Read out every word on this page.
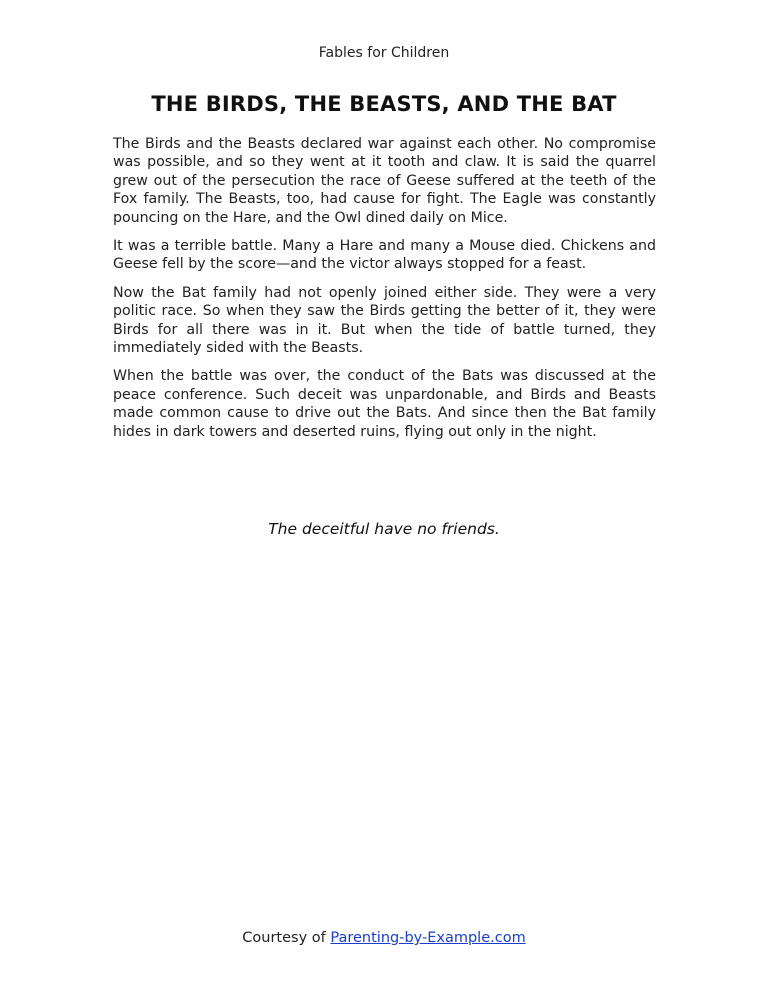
Fables for Children
THE BIRDS, THE BEASTS, AND THE BAT

The Birds and the Beasts declared war against each other. No compromise was possible, and so they went at it tooth and claw. It is said the quarrel grew out of the persecution the race of Geese suffered at the teeth of the Fox family. The Beasts, too, had cause for fight. The Eagle was constantly pouncing on the Hare, and the Owl dined daily on Mice.

It was a terrible battle. Many a Hare and many a Mouse died. Chickens and Geese fell by the score—and the victor always stopped for a feast.

Now the Bat family had not openly joined either side. They were a very politic race. So when they saw the Birds getting the better of it, they were Birds for all there was in it. But when the tide of battle turned, they immediately sided with the Beasts.

When the battle was over, the conduct of the Bats was discussed at the peace conference. Such deceit was unpardonable, and Birds and Beasts made common cause to drive out the Bats. And since then the Bat family hides in dark towers and deserted ruins, flying out only in the night.

The deceitful have no friends.
Courtesy of Parenting-by-Example.com
